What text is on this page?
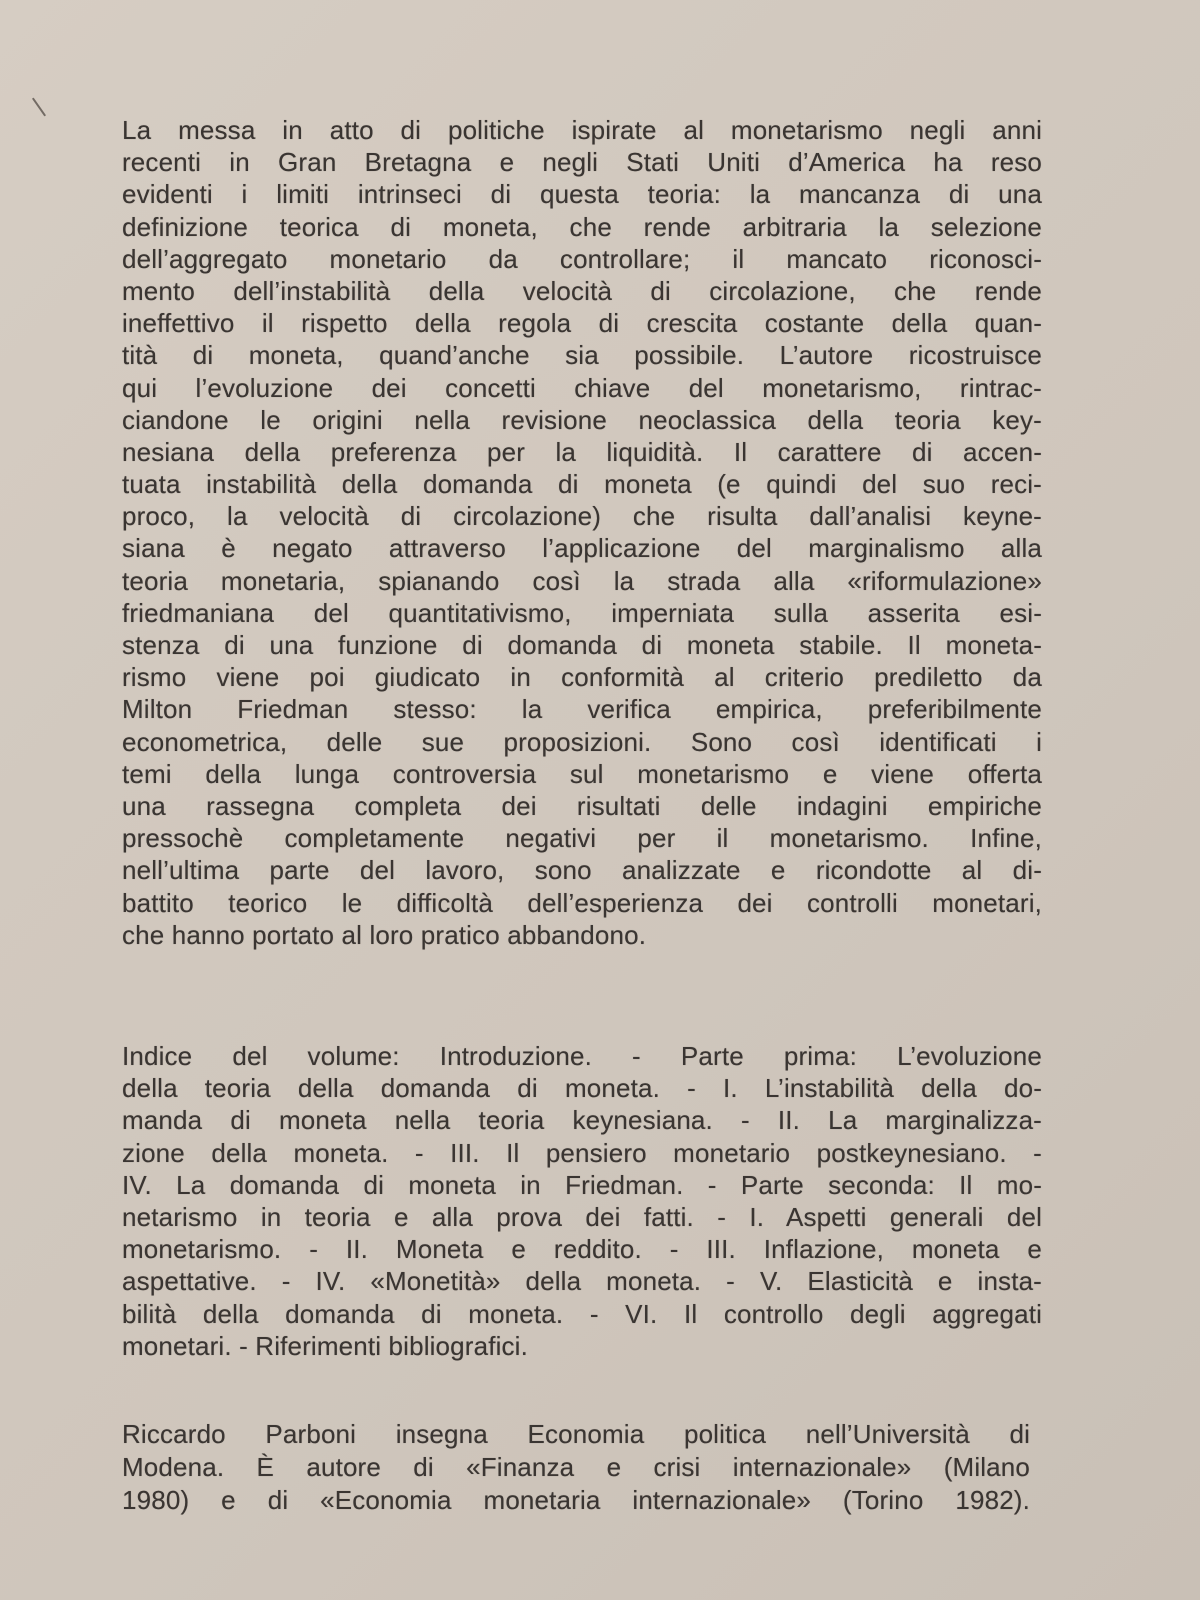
La messa in atto di politiche ispirate al monetarismo negli anni
recenti in Gran Bretagna e negli Stati Uniti d’America ha reso
evidenti i limiti intrinseci di questa teoria: la mancanza di una
definizione teorica di moneta, che rende arbitraria la selezione
dell’aggregato monetario da controllare; il mancato riconosci-
mento dell’instabilità della velocità di circolazione, che rende
ineffettivo il rispetto della regola di crescita costante della quan-
tità di moneta, quand’anche sia possibile. L’autore ricostruisce
qui l’evoluzione dei concetti chiave del monetarismo, rintrac-
ciandone le origini nella revisione neoclassica della teoria key-
nesiana della preferenza per la liquidità. Il carattere di accen-
tuata instabilità della domanda di moneta (e quindi del suo reci-
proco, la velocità di circolazione) che risulta dall’analisi keyne-
siana è negato attraverso l’applicazione del marginalismo alla
teoria monetaria, spianando così la strada alla «riformulazione»
friedmaniana del quantitativismo, imperniata sulla asserita esi-
stenza di una funzione di domanda di moneta stabile. Il moneta-
rismo viene poi giudicato in conformità al criterio prediletto da
Milton Friedman stesso: la verifica empirica, preferibilmente
econometrica, delle sue proposizioni. Sono così identificati i
temi della lunga controversia sul monetarismo e viene offerta
una rassegna completa dei risultati delle indagini empiriche
pressochè completamente negativi per il monetarismo. Infine,
nell’ultima parte del lavoro, sono analizzate e ricondotte al di-
battito teorico le difficoltà dell’esperienza dei controlli monetari,
che hanno portato al loro pratico abbandono.
Indice del volume: Introduzione. - Parte prima: L’evoluzione
della teoria della domanda di moneta. - I. L’instabilità della do-
manda di moneta nella teoria keynesiana. - II. La marginalizza-
zione della moneta. - III. Il pensiero monetario postkeynesiano. -
IV. La domanda di moneta in Friedman. - Parte seconda: Il mo-
netarismo in teoria e alla prova dei fatti. - I. Aspetti generali del
monetarismo. - II. Moneta e reddito. - III. Inflazione, moneta e
aspettative. - IV. «Monetità» della moneta. - V. Elasticità e insta-
bilità della domanda di moneta. - VI. Il controllo degli aggregati
monetari. - Riferimenti bibliografici.
Riccardo Parboni insegna Economia politica nell’Università di
Modena. È autore di «Finanza e crisi internazionale» (Milano
1980) e di «Economia monetaria internazionale» (Torino 1982).
